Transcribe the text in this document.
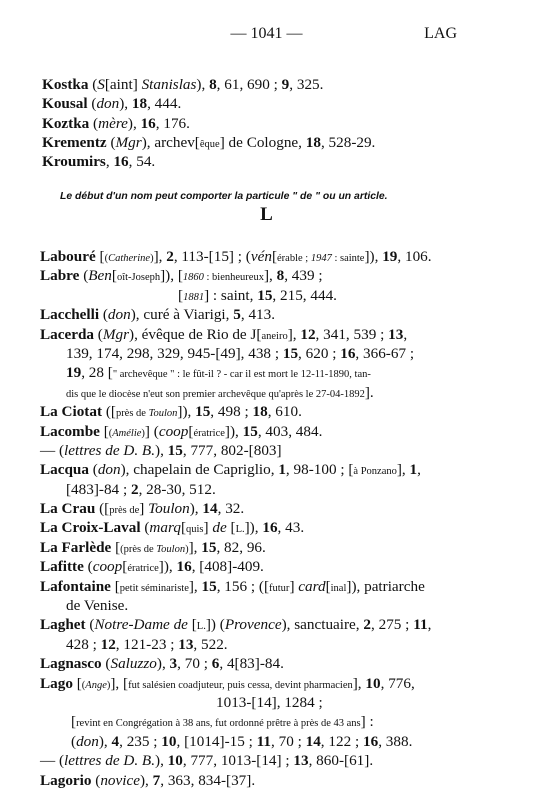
— 1041 —	LAG
Kostka (S[aint] Stanislas), 8, 61, 690 ; 9, 325.
Kousal (don), 18, 444.
Koztka (mère), 16, 176.
Krementz (Mgr), archev[êque] de Cologne, 18, 528-29.
Kroumirs, 16, 54.
Le début d'un nom peut comporter la particule " de " ou un article.
L
Labouré [(Catherine)], 2, 113-[15] ; (vén[érable ; 1947 : sainte]), 19, 106.
Labre (Ben[oît-Joseph]), [1860 : bienheureux], 8, 439 ;
[1881] : saint, 15, 215, 444.
Lacchelli (don), curé à Viarigi, 5, 413.
Lacerda (Mgr), évêque de Rio de J[aneiro], 12, 341, 539 ; 13,
139, 174, 298, 329, 945-[49], 438 ; 15, 620 ; 16, 366-67 ;
19, 28 [" archevêque " : le fût-il ? - car il est mort le 12-11-1890, tan-
dis que le diocèse n'eut son premier archevêque qu'après le 27-04-1892].
La Ciotat ([près de Toulon]), 15, 498 ; 18, 610.
Lacombe [(Amélie)] (coop[ératrice]), 15, 403, 484.
— (lettres de D. B.), 15, 777, 802-[803]
Lacqua (don), chapelain de Capriglio, 1, 98-100 ; [à Ponzano], 1,
[483]-84 ; 2, 28-30, 512.
La Crau ([près de] Toulon), 14, 32.
La Croix-Laval (marq[quis] de [L.]), 16, 43.
La Farlède [(près de Toulon)], 15, 82, 96.
Lafitte (coop[ératrice]), 16, [408]-409.
Lafontaine [petit séminariste], 15, 156 ; ([futur] card[inal]), patriarche
de Venise.
Laghet (Notre-Dame de [L.]) (Provence), sanctuaire, 2, 275 ; 11,
428 ; 12, 121-23 ; 13, 522.
Lagnasco (Saluzzo), 3, 70 ; 6, 4[83]-84.
Lago [(Ange)], [fut salésien coadjuteur, puis cessa, devint pharmacien], 10, 776,
1013-[14], 1284 ;
[revint en Congrégation à 38 ans, fut ordonné prêtre à près de 43 ans] :
(don), 4, 235 ; 10, [1014]-15 ; 11, 70 ; 14, 122 ; 16, 388.
— (lettres de D. B.), 10, 777, 1013-[14] ; 13, 860-[61].
Lagorio (novice), 7, 363, 834-[37].
